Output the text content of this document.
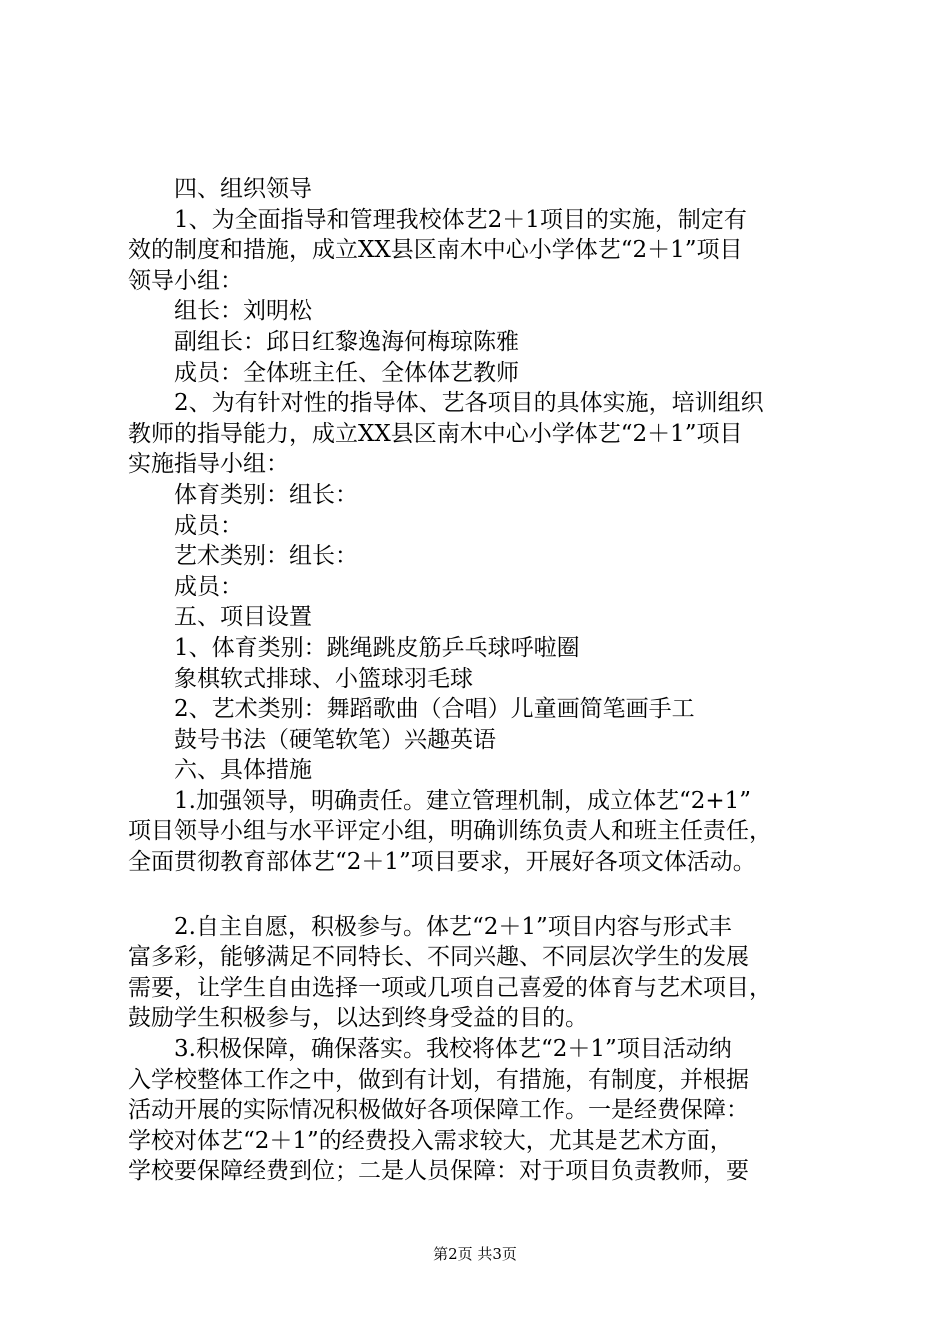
四、组织领导
1、为全面指导和管理我校体艺2＋1项目的实施，制定有
效的制度和措施，成立XX县区南木中心小学体艺“2＋1”项目
领导小组：
组长：刘明松
副组长：邱日红黎逸海何梅琼陈雅
成员：全体班主任、全体体艺教师
2、为有针对性的指导体、艺各项目的具体实施，培训组织
教师的指导能力，成立XX县区南木中心小学体艺“2＋1”项目
实施指导小组：
体育类别：组长：
成员：
艺术类别：组长：
成员：
五、项目设置
1、体育类别：跳绳跳皮筋乒乓球呼啦圈
象棋软式排球、小篮球羽毛球
2、艺术类别：舞蹈歌曲（合唱）儿童画简笔画手工
鼓号书法（硬笔软笔）兴趣英语
六、具体措施
1.加强领导，明确责任。建立管理机制，成立体艺“2+1”
项目领导小组与水平评定小组，明确训练负责人和班主任责任，
全面贯彻教育部体艺“2＋1”项目要求，开展好各项文体活动。
2.自主自愿，积极参与。体艺“2＋1”项目内容与形式丰
富多彩，能够满足不同特长、不同兴趣、不同层次学生的发展
需要，让学生自由选择一项或几项自己喜爱的体育与艺术项目，
鼓励学生积极参与，以达到终身受益的目的。
3.积极保障，确保落实。我校将体艺“2＋1”项目活动纳
入学校整体工作之中，做到有计划，有措施，有制度，并根据
活动开展的实际情况积极做好各项保障工作。一是经费保障：
学校对体艺“2＋1”的经费投入需求较大，尤其是艺术方面，
学校要保障经费到位；二是人员保障：对于项目负责教师，要
第2页 共3页
